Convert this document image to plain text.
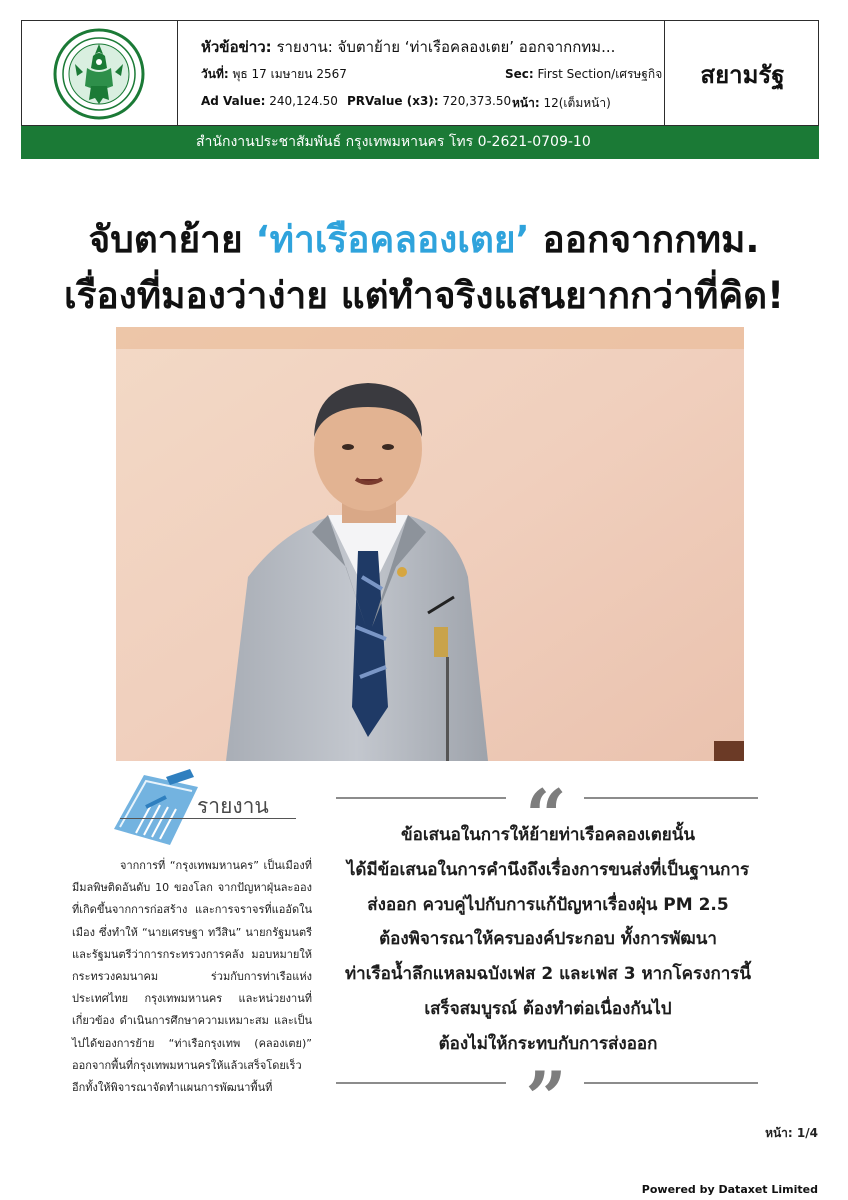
หัวข้อข่าว: รายงาน: จับตาย้าย ‘ท่าเรือคลองเตย’ ออกจากกทม...
วันที่: พุธ 17 เมษายน 2567	Sec: First Section/เศรษฐกิจ
Ad Value: 240,124.50 PRValue (x3): 720,373.50 หน้า: 12(เต็มหน้า)
สยามรัฐ
สำนักงานประชาสัมพันธ์ กรุงเทพมหานคร โทร 0-2621-0709-10
จับตาย้าย ‘ท่าเรือคลองเตย’ ออกจากกทม.
เรื่องที่มองว่าง่าย แต่ทำจริงแสนยากกว่าที่คิด!
รายงาน

จากการที่ “กรุงเทพมหานคร” เป็นเมืองที่มีมลพิษติดอันดับ 10 ของโลก จากปัญหาฝุ่นละออง ที่เกิดขึ้นจากการก่อสร้าง และการจราจรที่แออัดในเมือง ซึ่งทำให้ “นายเศรษฐา ทวีสิน” นายกรัฐมนตรี และรัฐมนตรีว่าการกระทรวงการคลัง มอบหมายให้กระทรวงคมนาคม ร่วมกับการท่าเรือแห่งประเทศไทย กรุงเทพมหานคร และหน่วยงานที่เกี่ยวข้อง ดำเนินการศึกษาความเหมาะสม และเป็นไปได้ของการย้าย “ท่าเรือกรุงเทพ (คลองเตย)” ออกจากพื้นที่กรุงเทพมหานครให้แล้วเสร็จโดยเร็ว อีกทั้งให้พิจารณาจัดทำแผนการพัฒนาพื้นที่

“
ข้อเสนอในการให้ย้ายท่าเรือคลองเตยนั้น
ได้มีข้อเสนอในการคำนึงถึงเรื่องการขนส่งที่เป็นฐานการ
ส่งออก ควบคู่ไปกับการแก้ปัญหาเรื่องฝุ่น PM 2.5
ต้องพิจารณาให้ครบองค์ประกอบ ทั้งการพัฒนา
ท่าเรือน้ำลึกแหลมฉบังเฟส 2 และเฟส 3 หากโครงการนี้
เสร็จสมบูรณ์ ต้องทำต่อเนื่องกันไป
ต้องไม่ให้กระทบกับการส่งออก
”	หน้า: 1/4
Powered by Dataxet Limited
